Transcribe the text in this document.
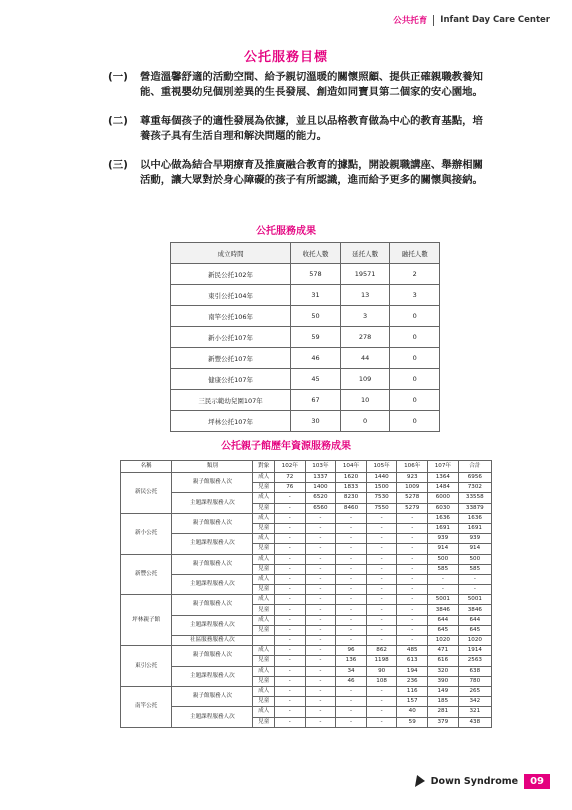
公共托育 Infant Day Care Center
公托服務目標
(一)	營造溫馨舒適的活動空間、給予親切溫暖的關懷照顧、提供正確親職教養知能、重視嬰幼兒個別差異的生長發展、創造如同寶貝第二個家的安心園地。
(二)	尊重每個孩子的適性發展為依據，並且以品格教育做為中心的教育基點，培養孩子具有生活自理和解決問題的能力。
(三)	以中心做為結合早期療育及推廣融合教育的據點，開設親職講座、舉辦相關活動，讓大眾對於身心障礙的孩子有所認識，進而給予更多的關懷與接納。
公托服務成果
成立時間	收托人數	延托人數	融托人數
新民公托102年	578	19571	2
東引公托104年	31	13	3
南竿公托106年	50	3	0
新小公托107年	59	278	0
新豐公托107年	46	44	0
健康公托107年	45	109	0
三民示範幼兒園107年	67	10	0
坪林公托107年	30	0	0
公托親子館歷年資源服務成果
名稱	類別	對象	102年	103年	104年	105年	106年	107年	合計
新民公托	親子館服務人次	成人	72	1337	1620	1440	923	1364	6956
		兒童	76	1400	1833	1500	1009	1484	7302
	主題課程服務人次	成人	-	6520	8230	7530	5278	6000	33558
		兒童	-	6560	8460	7550	5279	6030	33879
新小公托	親子館服務人次	成人	-	-	-	-	-	1636	1636
		兒童	-	-	-	-	-	1691	1691
	主題課程服務人次	成人	-	-	-	-	-	939	939
		兒童	-	-	-	-	-	914	914
新豐公托	親子館服務人次	成人	-	-	-	-	-	500	500
		兒童	-	-	-	-	-	585	585
	主題課程服務人次	成人	-	-	-	-	-	-	-
		兒童	-	-	-	-	-	-	-
坪林親子館	親子館服務人次	成人	-	-	-	-	-	5001	5001
		兒童	-	-	-	-	-	3846	3846
	主題課程服務人次	成人	-	-	-	-	-	644	644
		兒童	-	-	-	-	-	645	645
	社區服務服務人次		-	-	-	-	-	1020	1020
東引公托	親子館服務人次	成人	-	-	96	862	485	471	1914
		兒童	-	-	136	1198	613	616	2563
	主題課程服務人次	成人	-	-	34	90	194	320	638
		兒童	-	-	46	108	236	390	780
南竿公托	親子館服務人次	成人	-	-	-	-	116	149	265
		兒童	-	-	-	-	157	185	342
	主題課程服務人次	成人	-	-	-	-	40	281	321
		兒童	-	-	-	-	59	379	438
Down Syndrome	09
